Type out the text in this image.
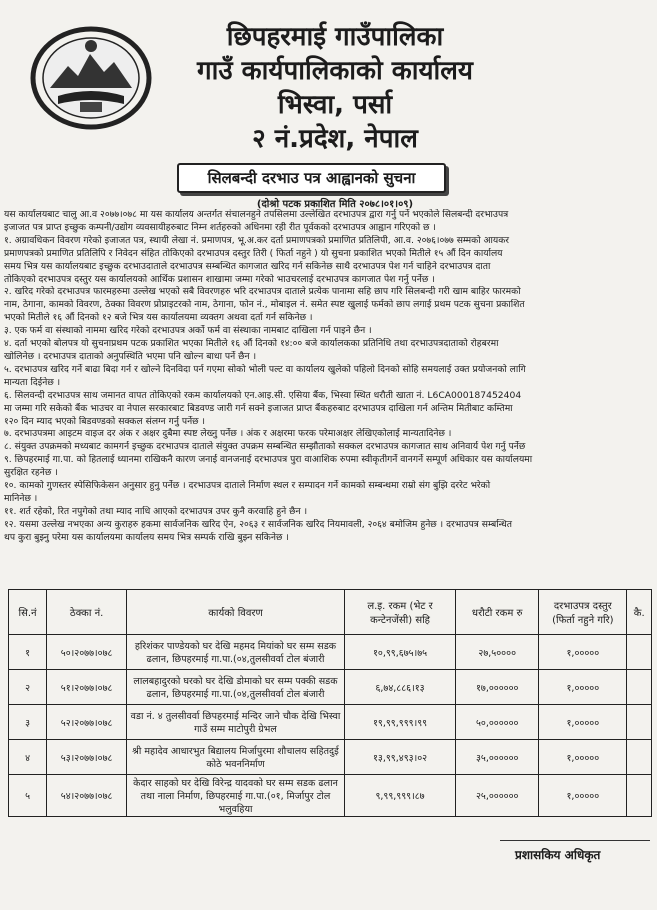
छिपहरमाई गाउँपालिका
गाउँ कार्यपालिकाको कार्यालय
भिस्वा, पर्सा
२ नं.प्रदेश, नेपाल
सिलबन्दी दरभाउ पत्र आह्वानको सुचना
(दोश्रो पटक प्रकाशित मिति २०७८।०१।०९)

यस कार्यालयबाट चालु आ.व २०७७।०७८ मा यस कार्यालय अन्तर्गत संचालनहुने तपसिलमा उल्लेखित दरभाउपत्र द्वारा गर्नु पर्ने भएकोले सिलबन्दी दरभाउपत्र

इजाजत पत्र प्राप्त इच्छुक कम्पनी/उद्योग व्यवसायीहरुबाट निम्न शर्तहरुको अधिनमा रही रीत पूर्वकको दरभाउपत्र आह्वान गरिएको छ ।

१. अग्रावधिकन विवरण गरेको इजाजत पत्र, स्थायी लेखा नं. प्रमाणपत्र, भू.अ.कर दर्ता प्रमाणपत्रको प्रमाणित प्रतिलिपी, आ.व. २०७६।०७७ सम्मको आयकर

प्रमाणपत्रको प्रमाणित प्रतिलिपि र निवेदन संहित तोकिएको दरभाउपत्र दस्तुर तिरी ( फिर्ता नहुने ) यो सुचना प्रकाशित भएको मितीले १५ औं दिन कार्यालय

समय भित्र यस कार्यालयबाट इच्छुक दरभाउदाताले दरभाउपत्र सम्बन्धित कागजात खरिद गर्न सकिनेछ साथै दरभाउपत्र पेश गर्न चाहिने दरभाउपत्र दाता

तोकिएको दरभाउपत्र दस्तुर यस कार्यालयको आर्थिक प्रशासन शाखामा जम्मा गरेको भाउचरलाई दरभाउपत्र कागजात पेश गर्नु पर्नेछ ।

२. खरिद गरेको दरभाउपत्र फारमहरुमा उल्लेख भएको सबै विवरणहरु भरि दरभाउपत्र दाताले प्रत्येक पानामा सहि छाप गरि सिलबन्दी गरी खाम बाहिर फारमको

नाम, ठेगाना, कामको विवरण, ठेक्का विवरण प्रोप्राइटरको नाम, ठेगाना, फोन नं., मोबाइल नं. समेत स्पष्ट खुलाई फर्मको छाप लगाई प्रथम पटक सुचना प्रकाशित

भएको मितीले १६ औं दिनको १२ बजे भित्र यस कार्यालयमा व्यक्तग अथवा दर्ता गर्न सकिनेछ ।

३. एक फर्म वा संस्थाको नाममा खरिद गरेको दरभाउपत्र अर्को फर्म वा संस्थाका नामबाट दाखिला गर्न पाइने छैन ।

४. दर्ता भएको बोलपत्र यो सुचनाप्रथम पटक प्रकाशित भएका मितीले १६ औं दिनको १४:०० बजे कार्यालकका प्रतिनिधि तथा दरभाउपत्रदाताको रोहबरमा

खोलिनेछ । दरभाउपत्र दाताको अनुपस्थिति भएमा पनि खोल्न बाधा पर्ने छैन ।

५. दरभाउपत्र खरिद गर्ने बाढा बिदा गर्न र खोल्ने दिनविदा पर्न गएमा सोको भोली पल्ट वा कार्यालय खुलेको पहिलो दिनको सोहि समयलाई उक्त प्रयोजनको लागि

मान्यता दिईनेछ ।

६. सिलवन्दी दरभाउपत्र साथ जमानत वापत तोकिएको रकम कार्यालयको एन.आइ.सी. एसिया बैंक, भिस्वा स्थित धरौती खाता नं. L6CA000187452404

मा जम्मा गरि सकेको बैंक भाउचर वा नेपाल सरकारबाट बिडवण्ड जारी गर्न सक्ने इजाजत प्राप्त बैंकहरुबाट दरभाउपत्र दाखिला गर्न अन्तिम मितीबाट कम्तिमा

१२० दिन म्याद भएको बिडवण्डको सक्कल संलग्न गर्नु पर्नेछ ।

७. दरभाउपत्रमा आइटम वाइज दर अंक र अक्षर दुबैमा स्पष्ट लेख्नु पर्नेछ । अंक र अक्षरमा फरक परेमाअक्षर लेखिएकोलाई मान्यतादिनेछ ।

८. संयुक्त उपक्रमको मध्यबाट कामगर्न इच्छुक दरभाउपत्र दाताले संयुक्त उपक्रम सम्बन्धित सम्झौताको सक्कल दरभाउपत्र कागजात साथ अनिवार्य पेश गर्नु पर्नेछ

९. छिपहरमाई गा.पा. को हितलाई ध्यानमा राखिकनै कारण जनाई वानजनाई दरभाउपत्र पुरा वाआशिक रुपमा स्वीकृतीगर्ने वानगर्ने सम्पूर्ण अधिकार यस कार्यालयमा

सुरक्षित रहनेछ ।

१०. कामको गुणस्तर स्पेसिफिकेसन अनुसार हुनु पर्नेछ । दरभाउपत्र दाताले निर्माण स्थल र सम्पादन गर्ने कामको सम्बन्धमा राम्रो संग बुझि दररेट भरेको

मानिनेछ ।

११. शर्त रहेको, रित नपुगेको तथा म्याद नाधि आएको दरभाउपत्र उपर कुनै करवाहि हुने छैन ।

१२. यसमा उल्लेख नभएका अन्य कुराहरु हकमा सार्वजनिक खरिद ऐन, २०६३ र सार्वजनिक खरिद नियमावली, २०६४ बमोजिम हुनेछ । दरभाउपत्र सम्बन्धित

थप कुरा बुझ्नु परेमा यस कार्यालयमा कार्यालय समय भित्र सम्पर्क राखि बुझ्न सकिनेछ ।

सि.नं	ठेक्का नं.	कार्यको विवरण	ल.इ. रकम (भेट र कन्टेनजेंसी) सहि	धरौटी रकम रु	दरभाउपत्र दस्तुर (फिर्ता नहुने गरि)	कै.
१	५०।२०७७।०७८	हरिशंकर पाण्डेयको घर देखि महमद मियांको घर सम्म सडक ढलान, छिपहरमाई गा.पा.(०४,तुलसीवर्वा टोल बंजारी	१०,९९,६७५।७५	२७,५००००	१,०००००	
२	५१।२०७७।०७८	लालबहादुरको घरको घर देखि डोमाको घर सम्म पक्की सडक ढलान, छिपहरमाई गा.पा.(०४,तुलसीवर्वा टोल बंजारी	६,७४,८८६।१३	१७,००००००	१,०००००	
३	५२।२०७७।०७८	वडा नं. ४ तुलसीवर्वा छिपहरमाई मन्दिर जाने चौक देखि भिस्वा गाउँ सम्म माटोपुरी ग्रेभल	१९,९९,९९९।९९	५०,००००००	१,०००००	
४	५३।२०७७।०७८	श्री महादेव आधारभुत बिद्यालय मिर्जापुरमा शौचालय सहितदुई कोठे भवननिर्माण	१३,९९,४९३।०२	३५,००००००	१,०००००	
५	५४।२०७७।०७८	केदार साहको घर देखि विरेन्द्र यादवको घर सम्म सडक ढलान तथा नाला निर्माण, छिपहरमाई गा.पा.(०१, मिर्जापुर टोल भलुवहिया	९,९९,९९९।८७	२५,००००००	१,०००००	
प्रशासकिय अधिकृत
